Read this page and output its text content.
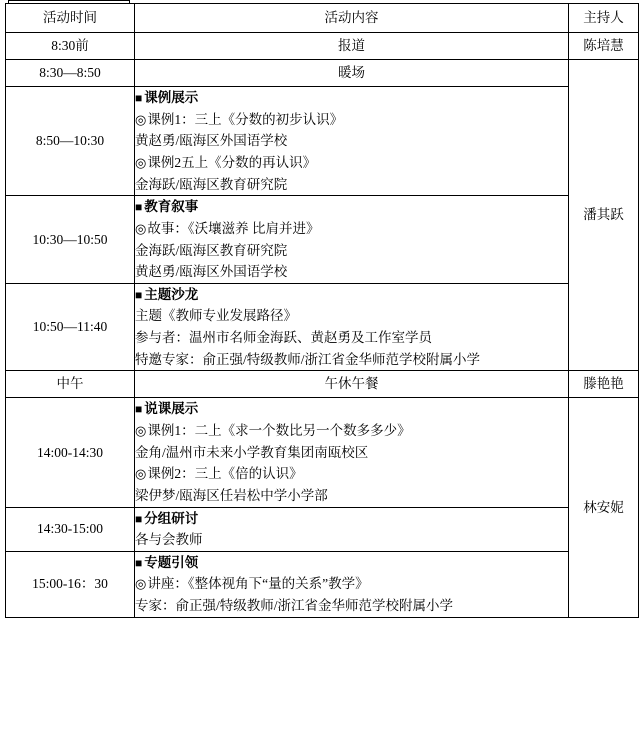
活动时间	活动内容	主持人
8:30前	报道	陈培慧
8:30—8:50	暖场	潘其跃
8:50—10:30	■ 课例展示
◎ 课例1：三上《分数的初步认识》
黄赵勇/瓯海区外国语学校
◎ 课例2五上《分数的再认识》
金海跃/瓯海区教育研究院

10:30—10:50	■ 教育叙事
◎ 故事：《沃壤滋养 比肩并进》
金海跃/瓯海区教育研究院
黄赵勇/瓯海区外国语学校

10:50—11:40	■ 主题沙龙
主题《教师专业发展路径》
参与者：温州市名师金海跃、黄赵勇及工作室学员
特邀专家：俞正强/特级教师/浙江省金华师范学校附属小学

中午	午休午餐	滕艳艳
14:00-14:30	■ 说课展示
◎ 课例1：二上《求一个数比另一个数多多少》
金角/温州市未来小学教育集团南瓯校区
◎ 课例2：三上《倍的认识》
梁伊梦/瓯海区任岩松中学小学部	林安妮
14:30-15:00	■ 分组研讨
各与会教师

15:00-16：30	■ 专题引领
◎ 讲座：《整体视角下“量的关系”教学》
专家：俞正强/特级教师/浙江省金华师范学校附属小学
